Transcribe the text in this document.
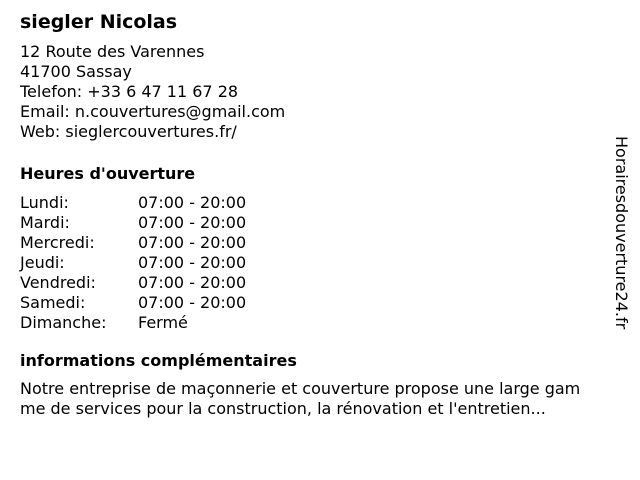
siegler Nicolas
12 Route des Varennes
41700 Sassay
Telefon: +33 6 47 11 67 28
Email: n.couvertures@gmail.com
Web: sieglercouvertures.fr/
Heures d'ouverture
Lundi:	07:00 - 20:00
Mardi:	07:00 - 20:00
Mercredi:	07:00 - 20:00
Jeudi:	07:00 - 20:00
Vendredi:	07:00 - 20:00
Samedi:	07:00 - 20:00
Dimanche: Fermé
informations complémentaires

Notre entreprise de maçonnerie et couverture propose une large gamme de services pour la construction, la rénovation et l'entretien...

Horairesdouverture24.fr
